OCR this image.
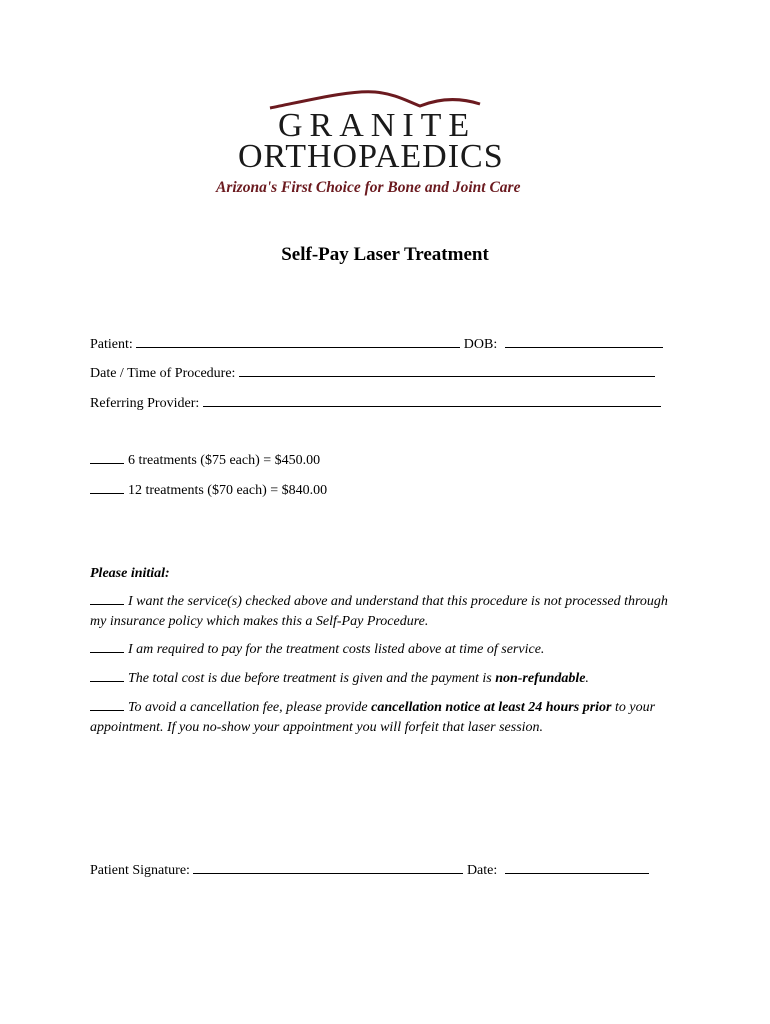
GRANITE
ORTHOPAEDICS
Arizona's First Choice for Bone and Joint Care
Self-Pay Laser Treatment
Patient:	DOB:
Date / Time of Procedure:
Referring Provider:
6 treatments ($75 each) = $450.00
12 treatments ($70 each) = $840.00
Please initial:
I want the service(s) checked above and understand that this procedure is not processed through my insurance policy which makes this a Self-Pay Procedure.
I am required to pay for the treatment costs listed above at time of service.
The total cost is due before treatment is given and the payment is non-refundable.
To avoid a cancellation fee, please provide cancellation notice at least 24 hours prior to your appointment. If you no-show your appointment you will forfeit that laser session.
Patient Signature:	Date:
